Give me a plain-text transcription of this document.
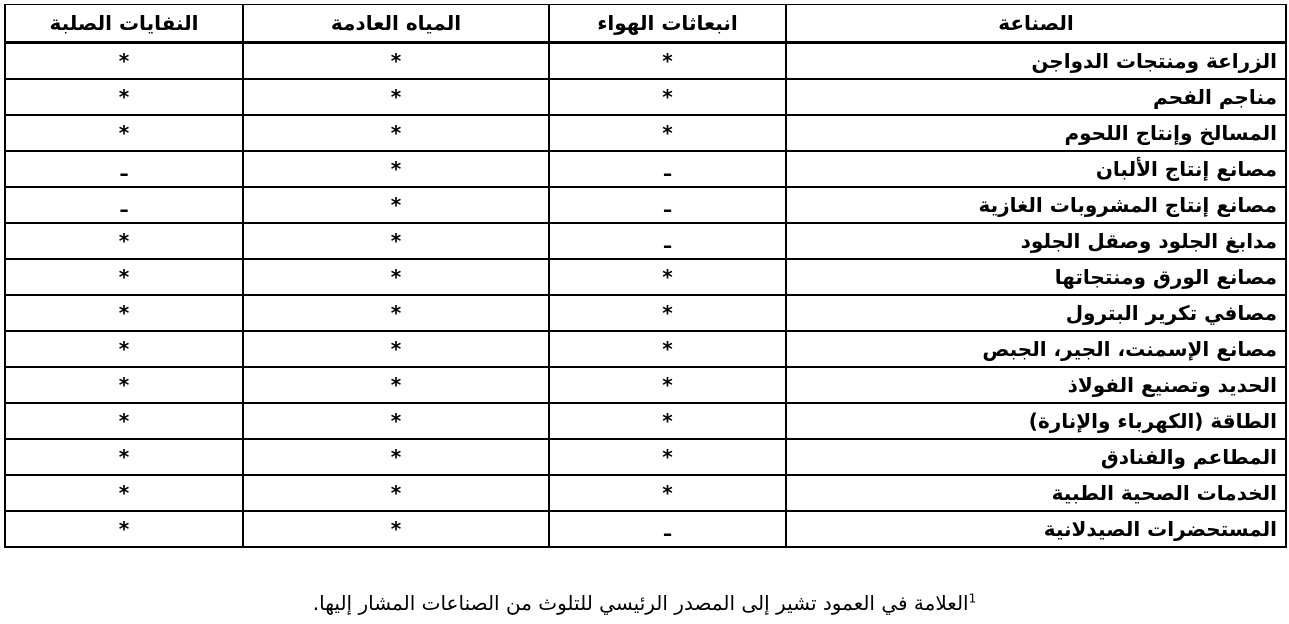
الصناعة	انبعاثات الهواء	المياه العادمة	النفايات الصلبة
الزراعة ومنتجات الدواجن	*	*	*
مناجم الفحم	*	*	*
المسالخ وإنتاج اللحوم	*	*	*
مصانع إنتاج الألبان	ـ	*	ـ
مصانع إنتاج المشروبات الغازية	ـ	*	ـ
مدابغ الجلود وصقل الجلود	ـ	*	*
مصانع الورق ومنتجاتها	*	*	*
مصافي تكرير البترول	*	*	*
مصانع الإسمنت، الجير، الجبص	*	*	*
الحديد وتصنيع الفولاذ	*	*	*
الطاقة (الكهرباء والإنارة)	*	*	*
المطاعم والفنادق	*	*	*
الخدمات الصحية الطبية	*	*	*
المستحضرات الصيدلانية	ـ	*	*
$^1$العلامة في العمود تشير إلى المصدر الرئيسي للتلوث من الصناعات المشار إليها.
